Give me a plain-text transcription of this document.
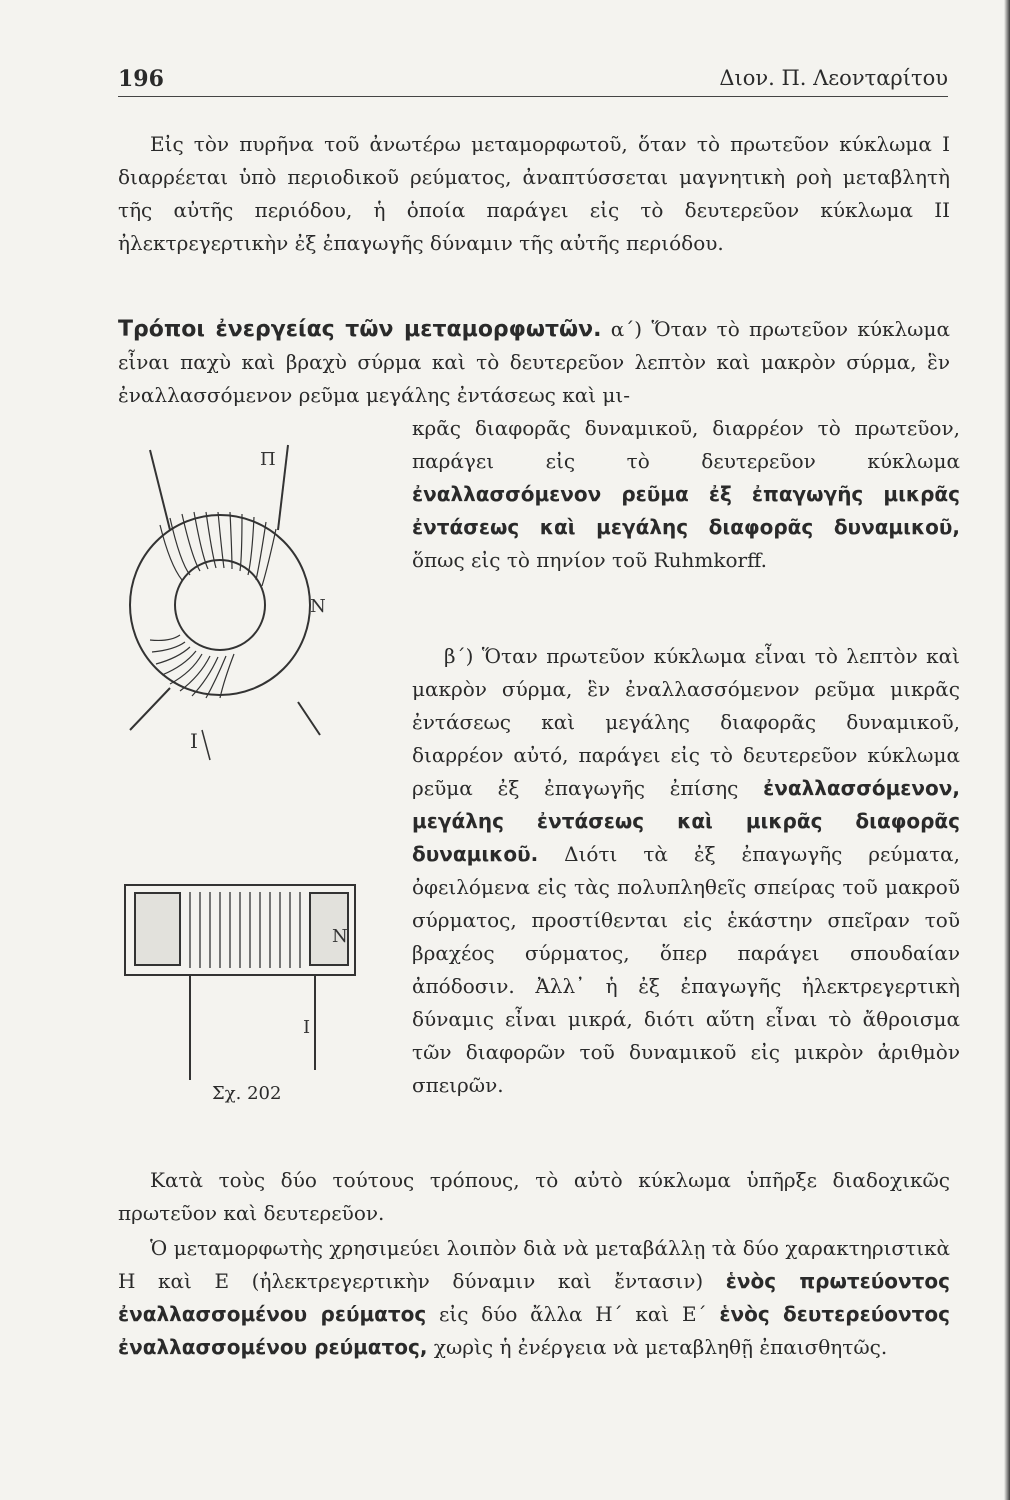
196	Διον. Π. Λεονταρίτου

Εἰς τὸν πυρῆνα τοῦ ἀνωτέρω μεταμορφωτοῦ, ὅταν τὸ πρωτεῦον κύκλωμα Ι διαρρέεται ὑπὸ περιοδικοῦ ρεύματος, ἀναπτύσσεται μαγνητικὴ ροὴ μεταβλητὴ τῆς αὐτῆς περιόδου, ἡ ὁποία παράγει εἰς τὸ δευτερεῦον κύκλωμα ΙΙ ἠλεκτρεγερτικὴν ἐξ ἐπαγωγῆς δύναμιν τῆς αὐτῆς περιόδου.

Τρόποι ἐνεργείας τῶν μεταμορφωτῶν. α΄) Ὅταν τὸ πρωτεῦον κύκλωμα εἶναι παχὺ καὶ βραχὺ σύρμα καὶ τὸ δευτερεῦον λεπτὸν καὶ μακρὸν σύρμα, ἓν ἐναλλασσόμενον ρεῦμα μεγάλης ἐντάσεως καὶ μι-

κρᾶς διαφορᾶς δυναμικοῦ, διαρρέον τὸ πρωτεῦον, παράγει εἰς τὸ δευτερεῦον κύκλωμα ἐναλλασσόμενον ρεῦμα ἐξ ἐπαγωγῆς μικρᾶς ἐντάσεως καὶ μεγάλης διαφορᾶς δυναμικοῦ, ὅπως εἰς τὸ πηνίον τοῦ Ruhmkorff.

β΄) Ὅταν πρωτεῦον κύκλωμα εἶναι τὸ λεπτὸν καὶ μακρὸν σύρμα, ἓν ἐναλλασσόμενον ρεῦμα μικρᾶς ἐντάσεως καὶ μεγάλης διαφορᾶς δυναμικοῦ, διαρρέον αὐτό, παράγει εἰς τὸ δευτερεῦον κύκλωμα ρεῦμα ἐξ ἐπαγωγῆς ἐπίσης ἐναλλασσόμενον, μεγάλης ἐντάσεως καὶ μικρᾶς διαφορᾶς δυναμικοῦ. Διότι τὰ ἐξ ἐπαγωγῆς ρεύματα, ὀφειλόμενα εἰς τὰς πολυπληθεῖς σπείρας τοῦ μακροῦ σύρματος, προστίθενται εἰς ἑκάστην σπεῖραν τοῦ βραχέος σύρματος, ὅπερ παράγει σπουδαίαν ἀπόδοσιν. Ἀλλ᾽ ἡ ἐξ ἐπαγωγῆς ἠλεκτρεγερτικὴ δύναμις εἶναι μικρά, διότι αὕτη εἶναι τὸ ἄθροισμα τῶν διαφορῶν τοῦ δυναμικοῦ εἰς μικρὸν ἀριθμὸν σπειρῶν.

Κατὰ τοὺς δύο τούτους τρόπους, τὸ αὐτὸ κύκλωμα ὑπῆρξε διαδοχικῶς πρωτεῦον καὶ δευτερεῦον.

Ὁ μεταμορφωτὴς χρησιμεύει λοιπὸν διὰ νὰ μεταβάλλῃ τὰ δύο χαρακτηριστικὰ Η καὶ Ε (ἠλεκτρεγερτικὴν δύναμιν καὶ ἔντασιν) ἑνὸς πρωτεύοντος ἐναλλασσομένου ρεύματος εἰς δύο ἄλλα Η΄ καὶ Ε΄ ἑνὸς δευτερεύοντος ἐναλλασσομένου ρεύματος, χωρὶς ἡ ἐνέργεια νὰ μεταβληθῇ ἐπαισθητῶς.

Π
N
I
N
I
Σχ. 202
